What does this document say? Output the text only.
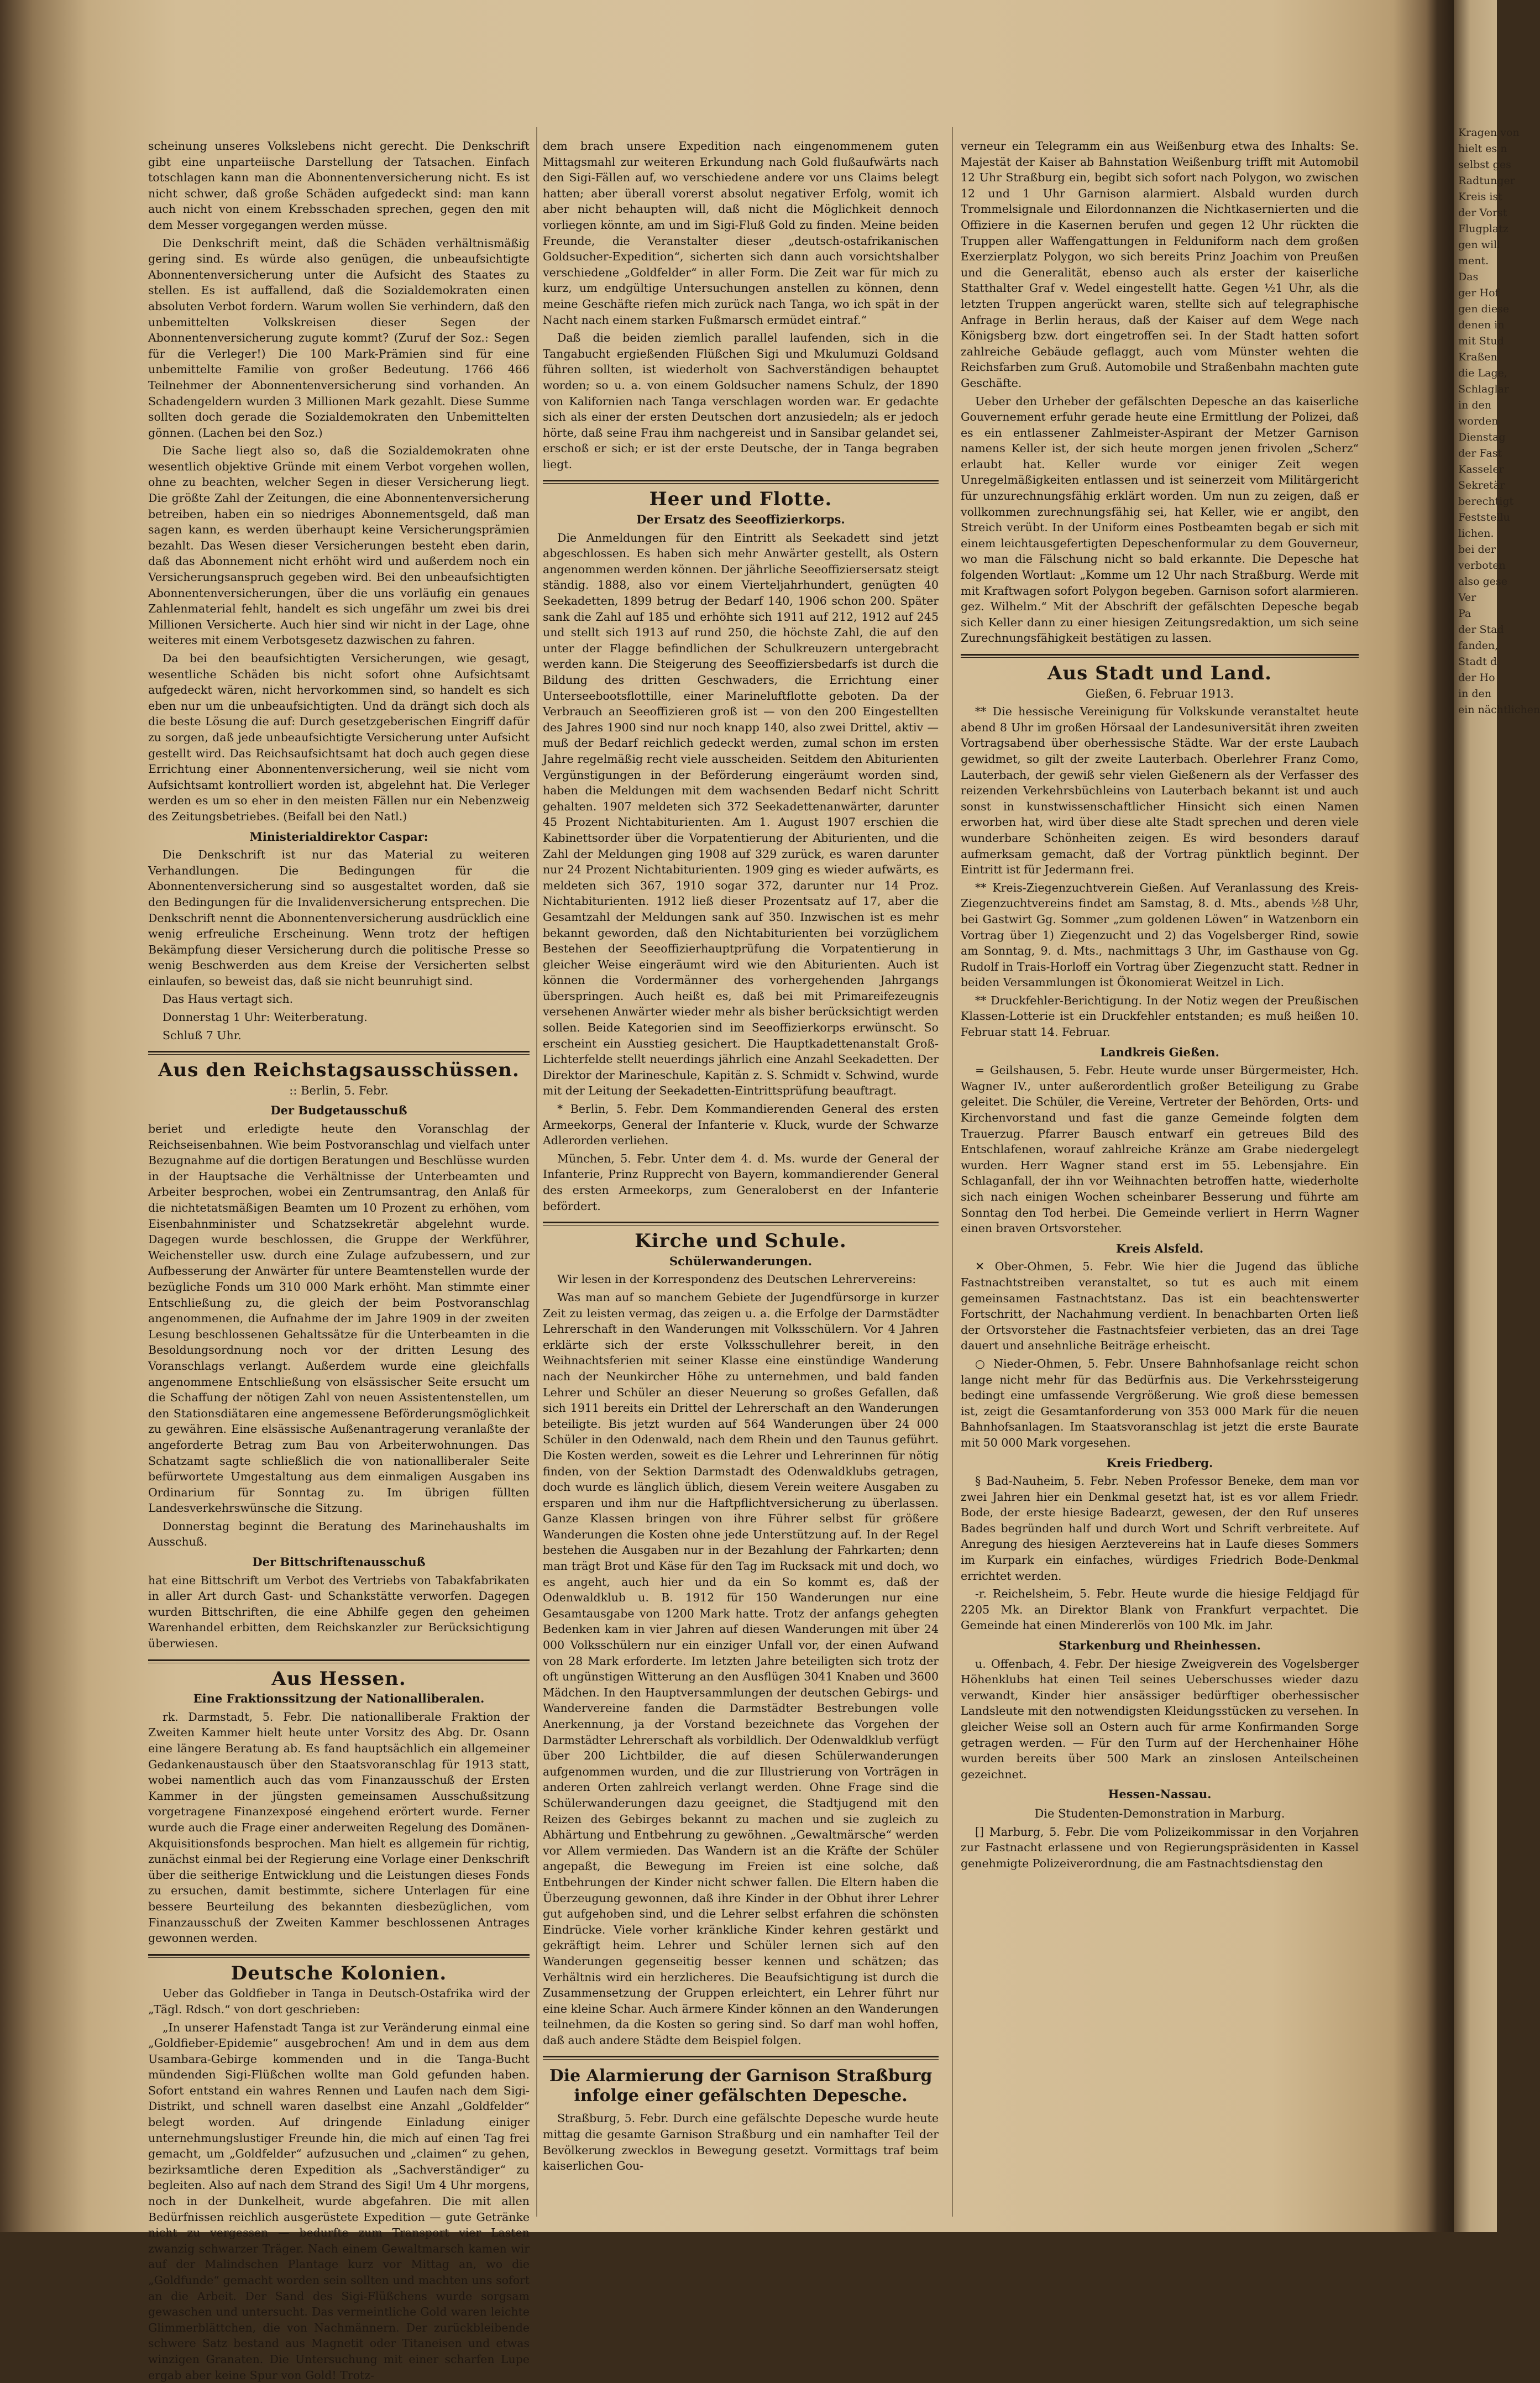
scheinung unseres Volkslebens nicht gerecht. Die Denkschrift gibt eine unparteiische Darstellung der Tatsachen. Einfach totschlagen kann man die Abonnentenversicherung nicht. Es ist nicht schwer, daß große Schäden aufgedeckt sind: man kann auch nicht von einem Krebsschaden sprechen, gegen den mit dem Messer vorgegangen werden müsse.

Die Denkschrift meint, daß die Schäden verhältnismäßig gering sind. Es würde also genügen, die unbeaufsichtigte Abonnentenversicherung unter die Aufsicht des Staates zu stellen. Es ist auffallend, daß die Sozialdemokraten einen absoluten Verbot fordern. Warum wollen Sie verhindern, daß den unbemittelten Volkskreisen dieser Segen der Abonnentenversicherung zugute kommt? (Zuruf der Soz.: Segen für die Verleger!) Die 100 Mark-Prämien sind für eine unbemittelte Familie von großer Bedeutung. 1766 466 Teilnehmer der Abonnentenversicherung sind vorhanden. An Schadengeldern wurden 3 Millionen Mark gezahlt. Diese Summe sollten doch gerade die Sozialdemokraten den Unbemittelten gönnen. (Lachen bei den Soz.)

Die Sache liegt also so, daß die Sozialdemokraten ohne wesentlich objektive Gründe mit einem Verbot vorgehen wollen, ohne zu beachten, welcher Segen in dieser Versicherung liegt. Die größte Zahl der Zeitungen, die eine Abonnentenversicherung betreiben, haben ein so niedriges Abonnementsgeld, daß man sagen kann, es werden überhaupt keine Versicherungsprämien bezahlt. Das Wesen dieser Versicherungen besteht eben darin, daß das Abonnement nicht erhöht wird und außerdem noch ein Versicherungsanspruch gegeben wird. Bei den unbeaufsichtigten Abonnentenversicherungen, über die uns vorläufig ein genaues Zahlenmaterial fehlt, handelt es sich ungefähr um zwei bis drei Millionen Versicherte. Auch hier sind wir nicht in der Lage, ohne weiteres mit einem Verbotsgesetz dazwischen zu fahren.

Da bei den beaufsichtigten Versicherungen, wie gesagt, wesentliche Schäden bis nicht sofort ohne Aufsichtsamt aufgedeckt wären, nicht hervorkommen sind, so handelt es sich eben nur um die unbeaufsichtigten. Und da drängt sich doch als die beste Lösung die auf: Durch gesetzgeberischen Eingriff dafür zu sorgen, daß jede unbeaufsichtigte Versicherung unter Aufsicht gestellt wird. Das Reichsaufsichtsamt hat doch auch gegen diese Errichtung einer Abonnentenversicherung, weil sie nicht vom Aufsichtsamt kontrolliert worden ist, abgelehnt hat. Die Verleger werden es um so eher in den meisten Fällen nur ein Nebenzweig des Zeitungsbetriebes. (Beifall bei den Natl.)

Ministerialdirektor Caspar:

Die Denkschrift ist nur das Material zu weiteren Verhandlungen. Die Bedingungen für die Abonnentenversicherung sind so ausgestaltet worden, daß sie den Bedingungen für die Invalidenversicherung entsprechen. Die Denkschrift nennt die Abonnentenversicherung ausdrücklich eine wenig erfreuliche Erscheinung. Wenn trotz der heftigen Bekämpfung dieser Versicherung durch die politische Presse so wenig Beschwerden aus dem Kreise der Versicherten selbst einlaufen, so beweist das, daß sie nicht beunruhigt sind.

Das Haus vertagt sich.

Donnerstag 1 Uhr: Weiterberatung.

Schluß 7 Uhr.

Aus den Reichstagsausschüssen.
:: Berlin, 5. Febr.
Der Budgetausschuß

beriet und erledigte heute den Voranschlag der Reichseisenbahnen. Wie beim Postvoranschlag und vielfach unter Bezugnahme auf die dortigen Beratungen und Beschlüsse wurden in der Hauptsache die Verhältnisse der Unterbeamten und Arbeiter besprochen, wobei ein Zentrumsantrag, den Anlaß für die nichtetatsmäßigen Beamten um 10 Prozent zu erhöhen, vom Eisenbahnminister und Schatzsekretär abgelehnt wurde. Dagegen wurde beschlossen, die Gruppe der Werkführer, Weichensteller usw. durch eine Zulage aufzubessern, und zur Aufbesserung der Anwärter für untere Beamtenstellen wurde der bezügliche Fonds um 310 000 Mark erhöht. Man stimmte einer Entschließung zu, die gleich der beim Postvoranschlag angenommenen, die Aufnahme der im Jahre 1909 in der zweiten Lesung beschlossenen Gehaltssätze für die Unterbeamten in die Besoldungsordnung noch vor der dritten Lesung des Voranschlags verlangt. Außerdem wurde eine gleichfalls angenommene Entschließung von elsässischer Seite ersucht um die Schaffung der nötigen Zahl von neuen Assistentenstellen, um den Stationsdiätaren eine angemessene Beförderungsmöglichkeit zu gewähren. Eine elsässische Außenantragerung veranlaßte der angeforderte Betrag zum Bau von Arbeiterwohnungen. Das Schatzamt sagte schließlich die von nationalliberaler Seite befürwortete Umgestaltung aus dem einmaligen Ausgaben ins Ordinarium für Sonntag zu. Im übrigen füllten Landesverkehrswünsche die Sitzung.

Donnerstag beginnt die Beratung des Marinehaushalts im Ausschuß.

Der Bittschriftenausschuß

hat eine Bittschrift um Verbot des Vertriebs von Tabakfabrikaten in aller Art durch Gast- und Schankstätte verworfen. Dagegen wurden Bittschriften, die eine Abhilfe gegen den geheimen Warenhandel erbitten, dem Reichskanzler zur Berücksichtigung überwiesen.

Aus Hessen.
Eine Fraktionssitzung der Nationalliberalen.

rk. Darmstadt, 5. Febr. Die nationalliberale Fraktion der Zweiten Kammer hielt heute unter Vorsitz des Abg. Dr. Osann eine längere Beratung ab. Es fand hauptsächlich ein allgemeiner Gedankenaustausch über den Staatsvoranschlag für 1913 statt, wobei namentlich auch das vom Finanzausschuß der Ersten Kammer in der jüngsten gemeinsamen Ausschußsitzung vorgetragene Finanzexposé eingehend erörtert wurde. Ferner wurde auch die Frage einer anderweiten Regelung des Domänen-Akquisitionsfonds besprochen. Man hielt es allgemein für richtig, zunächst einmal bei der Regierung eine Vorlage einer Denkschrift über die seitherige Entwicklung und die Leistungen dieses Fonds zu ersuchen, damit bestimmte, sichere Unterlagen für eine bessere Beurteilung des bekannten diesbezüglichen, vom Finanzausschuß der Zweiten Kammer beschlossenen Antrages gewonnen werden.

Deutsche Kolonien.

Ueber das Goldfieber in Tanga in Deutsch-Ostafrika wird der „Tägl. Rdsch.“ von dort geschrieben:

„In unserer Hafenstadt Tanga ist zur Veränderung einmal eine „Goldfieber-Epidemie“ ausgebrochen! Am und in dem aus dem Usambara-Gebirge kommenden und in die Tanga-Bucht mündenden Sigi-Flüßchen wollte man Gold gefunden haben. Sofort entstand ein wahres Rennen und Laufen nach dem Sigi-Distrikt, und schnell waren daselbst eine Anzahl „Goldfelder“ belegt worden. Auf dringende Einladung einiger unternehmungslustiger Freunde hin, die mich auf einen Tag frei gemacht, um „Goldfelder“ aufzusuchen und „claimen“ zu gehen, bezirksamtliche deren Expedition als „Sachverständiger“ zu begleiten. Also auf nach dem Strand des Sigi! Um 4 Uhr morgens, noch in der Dunkelheit, wurde abgefahren. Die mit allen Bedürfnissen reichlich ausgerüstete Expedition — gute Getränke nicht zu vergessen — bedurfte zum Transport vier Lasten zwanzig schwarzer Träger. Nach einem Gewaltmarsch kamen wir auf der Malindschen Plantage kurz vor Mittag an, wo die „Goldfunde“ gemacht worden sein sollten und machten uns sofort an die Arbeit. Der Sand des Sigi-Flüßchens wurde sorgsam gewaschen und untersucht. Das vermeintliche Gold waren leichte Glimmerblättchen, die von Nachmännern. Der zurückbleibende schwere Satz bestand aus Magnetit oder Titaneisen und etwas winzigen Granaten. Die Untersuchung mit einer scharfen Lupe ergab aber keine Spur von Gold! Trotz-

dem brach unsere Expedition nach eingenommenem guten Mittagsmahl zur weiteren Erkundung nach Gold flußaufwärts nach den Sigi-Fällen auf, wo verschiedene andere vor uns Claims belegt hatten; aber überall vorerst absolut negativer Erfolg, womit ich aber nicht behaupten will, daß nicht die Möglichkeit dennoch vorliegen könnte, am und im Sigi-Fluß Gold zu finden. Meine beiden Freunde, die Veranstalter dieser „deutsch-ostafrikanischen Goldsucher-Expedition“, sicherten sich dann auch vorsichtshalber verschiedene „Goldfelder“ in aller Form. Die Zeit war für mich zu kurz, um endgültige Untersuchungen anstellen zu können, denn meine Geschäfte riefen mich zurück nach Tanga, wo ich spät in der Nacht nach einem starken Fußmarsch ermüdet eintraf.“

Daß die beiden ziemlich parallel laufenden, sich in die Tangabucht ergießenden Flüßchen Sigi und Mkulumuzi Goldsand führen sollten, ist wiederholt von Sachverständigen behauptet worden; so u. a. von einem Goldsucher namens Schulz, der 1890 von Kalifornien nach Tanga verschlagen worden war. Er gedachte sich als einer der ersten Deutschen dort anzusiedeln; als er jedoch hörte, daß seine Frau ihm nachgereist und in Sansibar gelandet sei, erschoß er sich; er ist der erste Deutsche, der in Tanga begraben liegt.

Heer und Flotte.
Der Ersatz des Seeoffizierkorps.

Die Anmeldungen für den Eintritt als Seekadett sind jetzt abgeschlossen. Es haben sich mehr Anwärter gestellt, als Ostern angenommen werden können. Der jährliche Seeoffiziersersatz steigt ständig. 1888, also vor einem Vierteljahrhundert, genügten 40 Seekadetten, 1899 betrug der Bedarf 140, 1906 schon 200. Später sank die Zahl auf 185 und erhöhte sich 1911 auf 212, 1912 auf 245 und stellt sich 1913 auf rund 250, die höchste Zahl, die auf den unter der Flagge befindlichen der Schulkreuzern untergebracht werden kann. Die Steigerung des Seeoffiziersbedarfs ist durch die Bildung des dritten Geschwaders, die Errichtung einer Unterseebootsflottille, einer Marineluftflotte geboten. Da der Verbrauch an Seeoffizieren groß ist — von den 200 Eingestellten des Jahres 1900 sind nur noch knapp 140, also zwei Drittel, aktiv — muß der Bedarf reichlich gedeckt werden, zumal schon im ersten Jahre regelmäßig recht viele ausscheiden. Seitdem den Abiturienten Vergünstigungen in der Beförderung eingeräumt worden sind, haben die Meldungen mit dem wachsenden Bedarf nicht Schritt gehalten. 1907 meldeten sich 372 Seekadettenanwärter, darunter 45 Prozent Nichtabiturienten. Am 1. August 1907 erschien die Kabinettsorder über die Vorpatentierung der Abiturienten, und die Zahl der Meldungen ging 1908 auf 329 zurück, es waren darunter nur 24 Prozent Nichtabiturienten. 1909 ging es wieder aufwärts, es meldeten sich 367, 1910 sogar 372, darunter nur 14 Proz. Nichtabiturienten. 1912 ließ dieser Prozentsatz auf 17, aber die Gesamtzahl der Meldungen sank auf 350. Inzwischen ist es mehr bekannt geworden, daß den Nichtabiturienten bei vorzüglichem Bestehen der Seeoffizierhauptprüfung die Vorpatentierung in gleicher Weise eingeräumt wird wie den Abiturienten. Auch ist können die Vordermänner des vorhergehenden Jahrgangs überspringen. Auch heißt es, daß bei mit Primareifezeugnis versehenen Anwärter wieder mehr als bisher berücksichtigt werden sollen. Beide Kategorien sind im Seeoffizierkorps erwünscht. So erscheint ein Ausstieg gesichert. Die Hauptkadettenanstalt Groß-Lichterfelde stellt neuerdings jährlich eine Anzahl Seekadetten. Der Direktor der Marineschule, Kapitän z. S. Schmidt v. Schwind, wurde mit der Leitung der Seekadetten-Eintrittsprüfung beauftragt.

* Berlin, 5. Febr. Dem Kommandierenden General des ersten Armeekorps, General der Infanterie v. Kluck, wurde der Schwarze Adlerorden verliehen.

München, 5. Febr. Unter dem 4. d. Ms. wurde der General der Infanterie, Prinz Rupprecht von Bayern, kommandierender General des ersten Armeekorps, zum Generaloberst en der Infanterie befördert.

Kirche und Schule.
Schülerwanderungen.

Wir lesen in der Korrespondenz des Deutschen Lehrervereins:

Was man auf so manchem Gebiete der Jugendfürsorge in kurzer Zeit zu leisten vermag, das zeigen u. a. die Erfolge der Darmstädter Lehrerschaft in den Wanderungen mit Volksschülern. Vor 4 Jahren erklärte sich der erste Volksschullehrer bereit, in den Weihnachtsferien mit seiner Klasse eine einstündige Wanderung nach der Neunkircher Höhe zu unternehmen, und bald fanden Lehrer und Schüler an dieser Neuerung so großes Gefallen, daß sich 1911 bereits ein Drittel der Lehrerschaft an den Wanderungen beteiligte. Bis jetzt wurden auf 564 Wanderungen über 24 000 Schüler in den Odenwald, nach dem Rhein und den Taunus geführt. Die Kosten werden, soweit es die Lehrer und Lehrerinnen für nötig finden, von der Sektion Darmstadt des Odenwaldklubs getragen, doch wurde es länglich üblich, diesem Verein weitere Ausgaben zu ersparen und ihm nur die Haftpflichtversicherung zu überlassen. Ganze Klassen bringen von ihre Führer selbst für größere Wanderungen die Kosten ohne jede Unterstützung auf. In der Regel bestehen die Ausgaben nur in der Bezahlung der Fahrkarten; denn man trägt Brot und Käse für den Tag im Rucksack mit und doch, wo es angeht, auch hier und da ein So kommt es, daß der Odenwaldklub u. B. 1912 für 150 Wanderungen nur eine Gesamtausgabe von 1200 Mark hatte. Trotz der anfangs gehegten Bedenken kam in vier Jahren auf diesen Wanderungen mit über 24 000 Volksschülern nur ein einziger Unfall vor, der einen Aufwand von 28 Mark erforderte. Im letzten Jahre beteiligten sich trotz der oft ungünstigen Witterung an den Ausflügen 3041 Knaben und 3600 Mädchen. In den Hauptversammlungen der deutschen Gebirgs- und Wandervereine fanden die Darmstädter Bestrebungen volle Anerkennung, ja der Vorstand bezeichnete das Vorgehen der Darmstädter Lehrerschaft als vorbildlich. Der Odenwaldklub verfügt über 200 Lichtbilder, die auf diesen Schülerwanderungen aufgenommen wurden, und die zur Illustrierung von Vorträgen in anderen Orten zahlreich verlangt werden. Ohne Frage sind die Schülerwanderungen dazu geeignet, die Stadtjugend mit den Reizen des Gebirges bekannt zu machen und sie zugleich zu Abhärtung und Entbehrung zu gewöhnen. „Gewaltmärsche“ werden vor Allem vermieden. Das Wandern ist an die Kräfte der Schüler angepaßt, die Bewegung im Freien ist eine solche, daß Entbehrungen der Kinder nicht schwer fallen. Die Eltern haben die Überzeugung gewonnen, daß ihre Kinder in der Obhut ihrer Lehrer gut aufgehoben sind, und die Lehrer selbst erfahren die schönsten Eindrücke. Viele vorher kränkliche Kinder kehren gestärkt und gekräftigt heim. Lehrer und Schüler lernen sich auf den Wanderungen gegenseitig besser kennen und schätzen; das Verhältnis wird ein herzlicheres. Die Beaufsichtigung ist durch die Zusammensetzung der Gruppen erleichtert, ein Lehrer führt nur eine kleine Schar. Auch ärmere Kinder können an den Wanderungen teilnehmen, da die Kosten so gering sind. So darf man wohl hoffen, daß auch andere Städte dem Beispiel folgen.

Die Alarmierung der Garnison Straßburg infolge einer gefälschten Depesche.

Straßburg, 5. Febr. Durch eine gefälschte Depesche wurde heute mittag die gesamte Garnison Straßburg und ein namhafter Teil der Bevölkerung zwecklos in Bewegung gesetzt. Vormittags traf beim kaiserlichen Gou-

verneur ein Telegramm ein aus Weißenburg etwa des Inhalts: Se. Majestät der Kaiser ab Bahnstation Weißenburg trifft mit Automobil 12 Uhr Straßburg ein, begibt sich sofort nach Polygon, wo zwischen 12 und 1 Uhr Garnison alarmiert. Alsbald wurden durch Trommelsignale und Eilordonnanzen die Nichtkasernierten und die Offiziere in die Kasernen berufen und gegen 12 Uhr rückten die Truppen aller Waffengattungen in Felduniform nach dem großen Exerzierplatz Polygon, wo sich bereits Prinz Joachim von Preußen und die Generalität, ebenso auch als erster der kaiserliche Statthalter Graf v. Wedel eingestellt hatte. Gegen ½1 Uhr, als die letzten Truppen angerückt waren, stellte sich auf telegraphische Anfrage in Berlin heraus, daß der Kaiser auf dem Wege nach Königsberg bzw. dort eingetroffen sei. In der Stadt hatten sofort zahlreiche Gebäude geflaggt, auch vom Münster wehten die Reichsfarben zum Gruß. Automobile und Straßenbahn machten gute Geschäfte.

Ueber den Urheber der gefälschten Depesche an das kaiserliche Gouvernement erfuhr gerade heute eine Ermittlung der Polizei, daß es ein entlassener Zahlmeister-Aspirant der Metzer Garnison namens Keller ist, der sich heute morgen jenen frivolen „Scherz“ erlaubt hat. Keller wurde vor einiger Zeit wegen Unregelmäßigkeiten entlassen und ist seinerzeit vom Militärgericht für unzurechnungsfähig erklärt worden. Um nun zu zeigen, daß er vollkommen zurechnungsfähig sei, hat Keller, wie er angibt, den Streich verübt. In der Uniform eines Postbeamten begab er sich mit einem leichtausgefertigten Depeschenformular zu dem Gouverneur, wo man die Fälschung nicht so bald erkannte. Die Depesche hat folgenden Wortlaut: „Komme um 12 Uhr nach Straßburg. Werde mit mit Kraftwagen sofort Polygon begeben. Garnison sofort alarmieren. gez. Wilhelm.“ Mit der Abschrift der gefälschten Depesche begab sich Keller dann zu einer hiesigen Zeitungsredaktion, um sich seine Zurechnungsfähigkeit bestätigen zu lassen.

Aus Stadt und Land.
Gießen, 6. Februar 1913.

** Die hessische Vereinigung für Volkskunde veranstaltet heute abend 8 Uhr im großen Hörsaal der Landesuniversität ihren zweiten Vortragsabend über oberhessische Städte. War der erste Laubach gewidmet, so gilt der zweite Lauterbach. Oberlehrer Franz Como, Lauterbach, der gewiß sehr vielen Gießenern als der Verfasser des reizenden Verkehrsbüchleins von Lauterbach bekannt ist und auch sonst in kunstwissenschaftlicher Hinsicht sich einen Namen erworben hat, wird über diese alte Stadt sprechen und deren viele wunderbare Schönheiten zeigen. Es wird besonders darauf aufmerksam gemacht, daß der Vortrag pünktlich beginnt. Der Eintritt ist für Jedermann frei.

** Kreis-Ziegenzuchtverein Gießen. Auf Veranlassung des Kreis-Ziegenzuchtvereins findet am Samstag, 8. d. Mts., abends ½8 Uhr, bei Gastwirt Gg. Sommer „zum goldenen Löwen“ in Watzenborn ein Vortrag über 1) Ziegenzucht und 2) das Vogelsberger Rind, sowie am Sonntag, 9. d. Mts., nachmittags 3 Uhr, im Gasthause von Gg. Rudolf in Trais-Horloff ein Vortrag über Ziegenzucht statt. Redner in beiden Versammlungen ist Ökonomierat Weitzel in Lich.

** Druckfehler-Berichtigung. In der Notiz wegen der Preußischen Klassen-Lotterie ist ein Druckfehler entstanden; es muß heißen 10. Februar statt 14. Februar.

Landkreis Gießen.

= Geilshausen, 5. Febr. Heute wurde unser Bürgermeister, Hch. Wagner IV., unter außerordentlich großer Beteiligung zu Grabe geleitet. Die Schüler, die Vereine, Vertreter der Behörden, Orts- und Kirchenvorstand und fast die ganze Gemeinde folgten dem Trauerzug. Pfarrer Bausch entwarf ein getreues Bild des Entschlafenen, worauf zahlreiche Kränze am Grabe niedergelegt wurden. Herr Wagner stand erst im 55. Lebensjahre. Ein Schlaganfall, der ihn vor Weihnachten betroffen hatte, wiederholte sich nach einigen Wochen scheinbarer Besserung und führte am Sonntag den Tod herbei. Die Gemeinde verliert in Herrn Wagner einen braven Ortsvorsteher.

Kreis Alsfeld.

✕ Ober-Ohmen, 5. Febr. Wie hier die Jugend das übliche Fastnachtstreiben veranstaltet, so tut es auch mit einem gemeinsamen Fastnachtstanz. Das ist ein beachtenswerter Fortschritt, der Nachahmung verdient. In benachbarten Orten ließ der Ortsvorsteher die Fastnachtsfeier verbieten, das an drei Tage dauert und ansehnliche Beiträge erheischt.

○ Nieder-Ohmen, 5. Febr. Unsere Bahnhofsanlage reicht schon lange nicht mehr für das Bedürfnis aus. Die Verkehrssteigerung bedingt eine umfassende Vergrößerung. Wie groß diese bemessen ist, zeigt die Gesamtanforderung von 353 000 Mark für die neuen Bahnhofsanlagen. Im Staatsvoranschlag ist jetzt die erste Baurate mit 50 000 Mark vorgesehen.

Kreis Friedberg.

§ Bad-Nauheim, 5. Febr. Neben Professor Beneke, dem man vor zwei Jahren hier ein Denkmal gesetzt hat, ist es vor allem Friedr. Bode, der erste hiesige Badearzt, gewesen, der den Ruf unseres Bades begründen half und durch Wort und Schrift verbreitete. Auf Anregung des hiesigen Aerztevereins hat in Laufe dieses Sommers im Kurpark ein einfaches, würdiges Friedrich Bode-Denkmal errichtet werden.

-r. Reichelsheim, 5. Febr. Heute wurde die hiesige Feldjagd für 2205 Mk. an Direktor Blank von Frankfurt verpachtet. Die Gemeinde hat einen Mindererlös von 100 Mk. im Jahr.

Starkenburg und Rheinhessen.

u. Offenbach, 4. Febr. Der hiesige Zweigverein des Vogelsberger Höhenklubs hat einen Teil seines Ueberschusses wieder dazu verwandt, Kinder hier ansässiger bedürftiger oberhessischer Landsleute mit den notwendigsten Kleidungsstücken zu versehen. In gleicher Weise soll an Ostern auch für arme Konfirmanden Sorge getragen werden. — Für den Turm auf der Herchenhainer Höhe wurden bereits über 500 Mark an zinslosen Anteilscheinen gezeichnet.

Hessen-Nassau.
Die Studenten-Demonstration in Marburg.

[] Marburg, 5. Febr. Die vom Polizeikommissar in den Vorjahren zur Fastnacht erlassene und von Regierungspräsidenten in Kassel genehmigte Polizeiverordnung, die am Fastnachtsdienstag den

Kragen von
hielt es n
selbst ges
Radtunger
Kreis ist
der Vorst
Flugplatz
gen will
ment.
Das
ger Hof
gen diese
denen in
mit Stud
Kraßen
die Lage,
Schlaglar
in den
worden
Dienstag
der Fast
Kasseler
Sekretär
berechtigt
Feststellu
lichen.
bei der
verboten
also gese
Ver
Pa
der Stad
fanden,
Stadt d
der Ho
in den
ein nächtlichen
